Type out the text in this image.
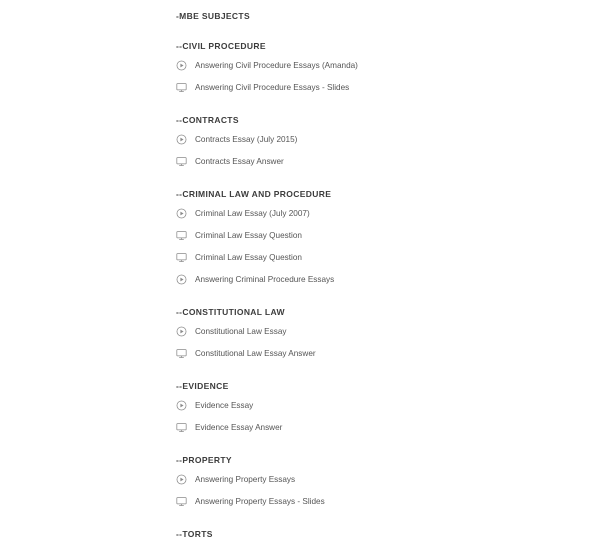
-MBE SUBJECTS
--CIVIL PROCEDURE
Answering Civil Procedure Essays (Amanda)
Answering Civil Procedure Essays - Slides
--CONTRACTS
Contracts Essay (July 2015)
Contracts Essay Answer
--CRIMINAL LAW AND PROCEDURE
Criminal Law Essay (July 2007)
Criminal Law Essay Question
Criminal Law Essay Question
Answering Criminal Procedure Essays
--CONSTITUTIONAL LAW
Constitutional Law Essay
Constitutional Law Essay Answer
--EVIDENCE
Evidence Essay
Evidence Essay Answer
--PROPERTY
Answering Property Essays
Answering Property Essays - Slides
--TORTS
